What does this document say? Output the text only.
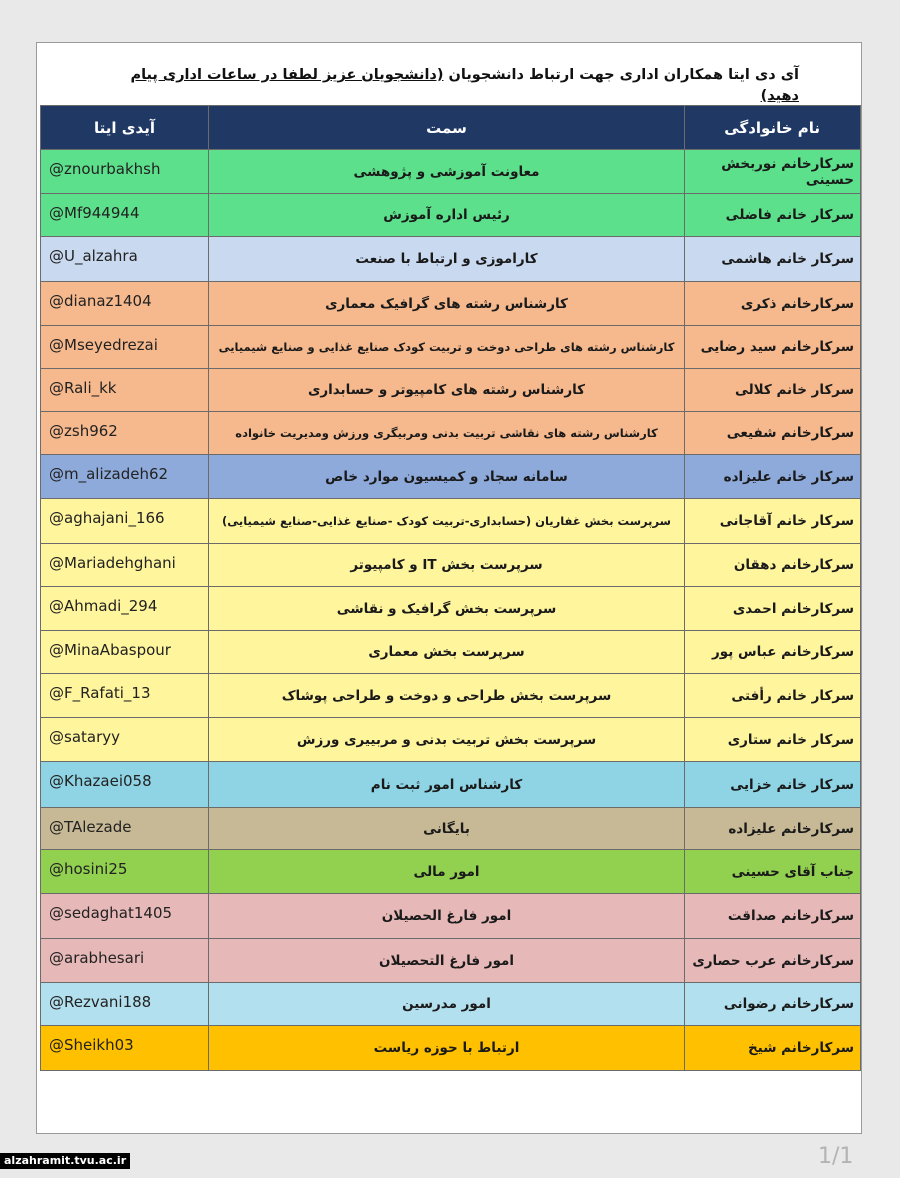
آی دی ایتا همکاران اداری جهت ارتباط دانشجویان (دانشجویان عزیز لطفا در ساعات اداری پیام دهید)
آیدی ایتا	سمت	نام خانوادگی
@znourbakhsh	معاونت آموزشی و پژوهشی	سرکارخانم نوربخش حسینی
@Mf944944	رئیس اداره آموزش	سرکار خانم فاضلی
@U_alzahra	کاراموزی و ارتباط با صنعت	سرکار خانم هاشمی
@dianaz1404	کارشناس رشته های گرافیک معماری	سرکارخانم ذکری
@Mseyedrezai	کارشناس رشته های طراحی دوخت و تربیت کودک صنایع غذایی و صنایع شیمیایی	سرکارخانم سید رضایی
@Rali_kk	کارشناس رشته های کامپیوتر و حسابداری	سرکار خانم کلالی
@zsh962	کارشناس رشته های نقاشی تربیت بدنی ومربیگری ورزش ومدیریت خانواده	سرکارخانم شفیعی
@m_alizadeh62	سامانه سجاد و کمیسیون موارد خاص	سرکار خانم علیزاده
@aghajani_166	سرپرست بخش غفاریان (حسابداری-تربیت کودک -صنایع غذایی-صنایع شیمیایی)	سرکار خانم آقاجانی
@Mariadehghani	سرپرست بخش IT و کامپیوتر	سرکارخانم دهقان
@Ahmadi_294	سرپرست بخش گرافیک و نقاشی	سرکارخانم احمدی
@MinaAbaspour	سرپرست بخش معماری	سرکارخانم عباس پور
@F_Rafati_13	سرپرست بخش طراحی و دوخت و طراحی پوشاک	سرکار خانم رأفتی
@sataryy	سرپرست بخش تربیت بدنی و مربییری ورزش	سرکار خانم ستاری
@Khazaei058	کارشناس امور ثبت نام	سرکار خانم خزایی
@TAlezade	بایگانی	سرکارخانم علیزاده
@hosini25	امور مالی	جناب آقای حسینی
@sedaghat1405	امور فارغ الحصیلان	سرکارخانم صداقت
@arabhesari	امور فارغ التحصیلان	سرکارخانم عرب حصاری
@Rezvani188	امور مدرسین	سرکارخانم رضوانی
@Sheikh03	ارتباط با حوزه ریاست	سرکارخانم شیخ
alzahramit.tvu.ac.ir	1/1
